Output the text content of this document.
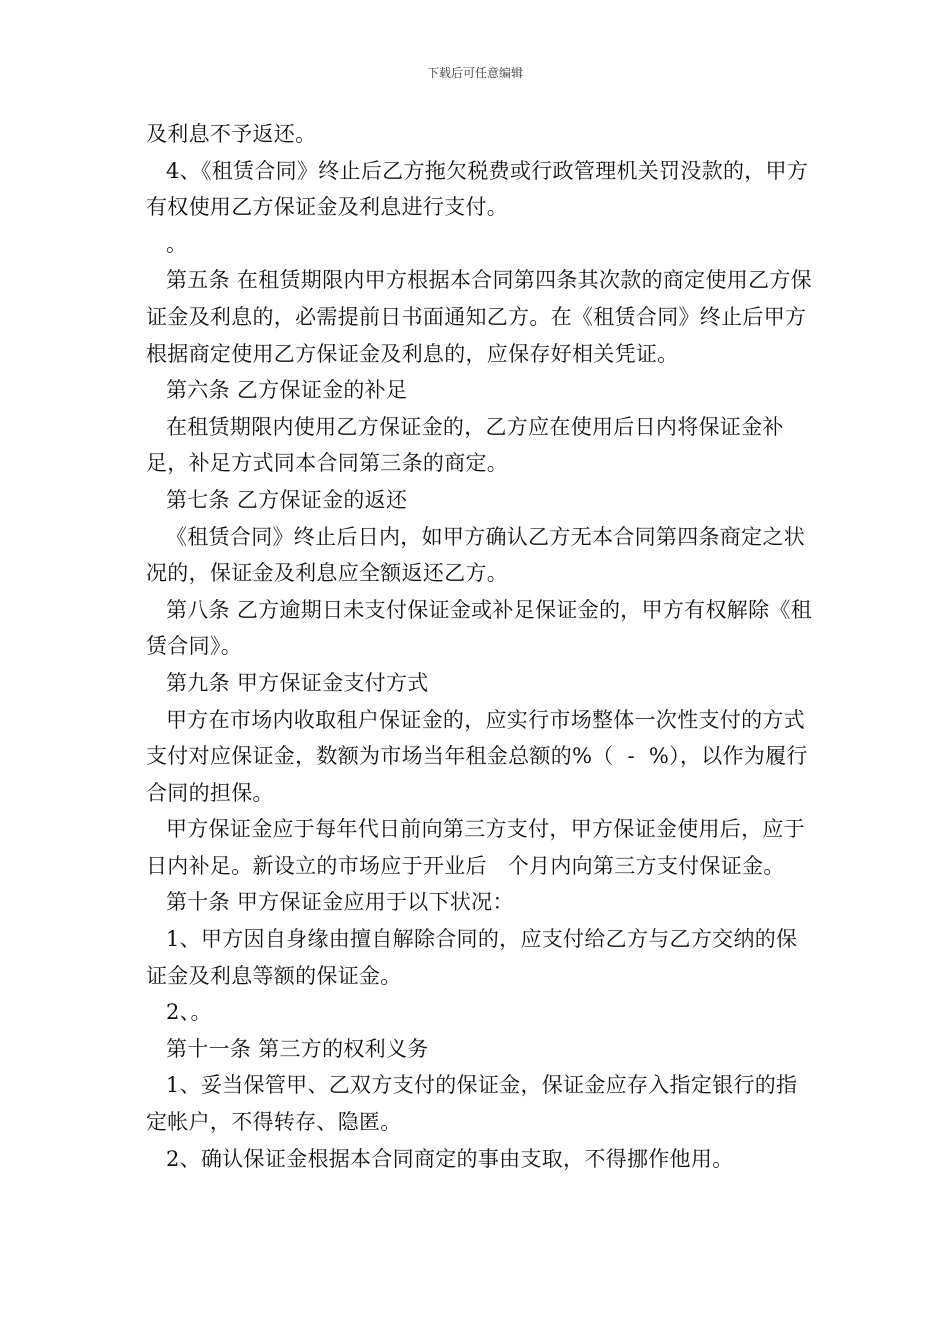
下载后可任意编辑

及利息不予返还。

4、《租赁合同》终止后乙方拖欠税费或行政管理机关罚没款的，甲方有权使用乙方保证金及利息进行支付。

。

第五条 在租赁期限内甲方根据本合同第四条其次款的商定使用乙方保证金及利息的，必需提前日书面通知乙方。在《租赁合同》终止后甲方根据商定使用乙方保证金及利息的，应保存好相关凭证。

第六条 乙方保证金的补足

在租赁期限内使用乙方保证金的，乙方应在使用后日内将保证金补足，补足方式同本合同第三条的商定。

第七条 乙方保证金的返还

《租赁合同》终止后日内，如甲方确认乙方无本合同第四条商定之状况的，保证金及利息应全额返还乙方。

第八条 乙方逾期日未支付保证金或补足保证金的，甲方有权解除《租赁合同》。

第九条 甲方保证金支付方式

甲方在市场内收取租户保证金的，应实行市场整体一次性支付的方式支付对应保证金，数额为市场当年租金总额的%（  -  %），以作为履行合同的担保。

甲方保证金应于每年代日前向第三方支付，甲方保证金使用后，应于日内补足。新设立的市场应于开业后   个月内向第三方支付保证金。

第十条 甲方保证金应用于以下状况：

1、甲方因自身缘由擅自解除合同的，应支付给乙方与乙方交纳的保证金及利息等额的保证金。

2、。

第十一条 第三方的权利义务

1、妥当保管甲、乙双方支付的保证金，保证金应存入指定银行的指定帐户，不得转存、隐匿。

2、确认保证金根据本合同商定的事由支取，不得挪作他用。
